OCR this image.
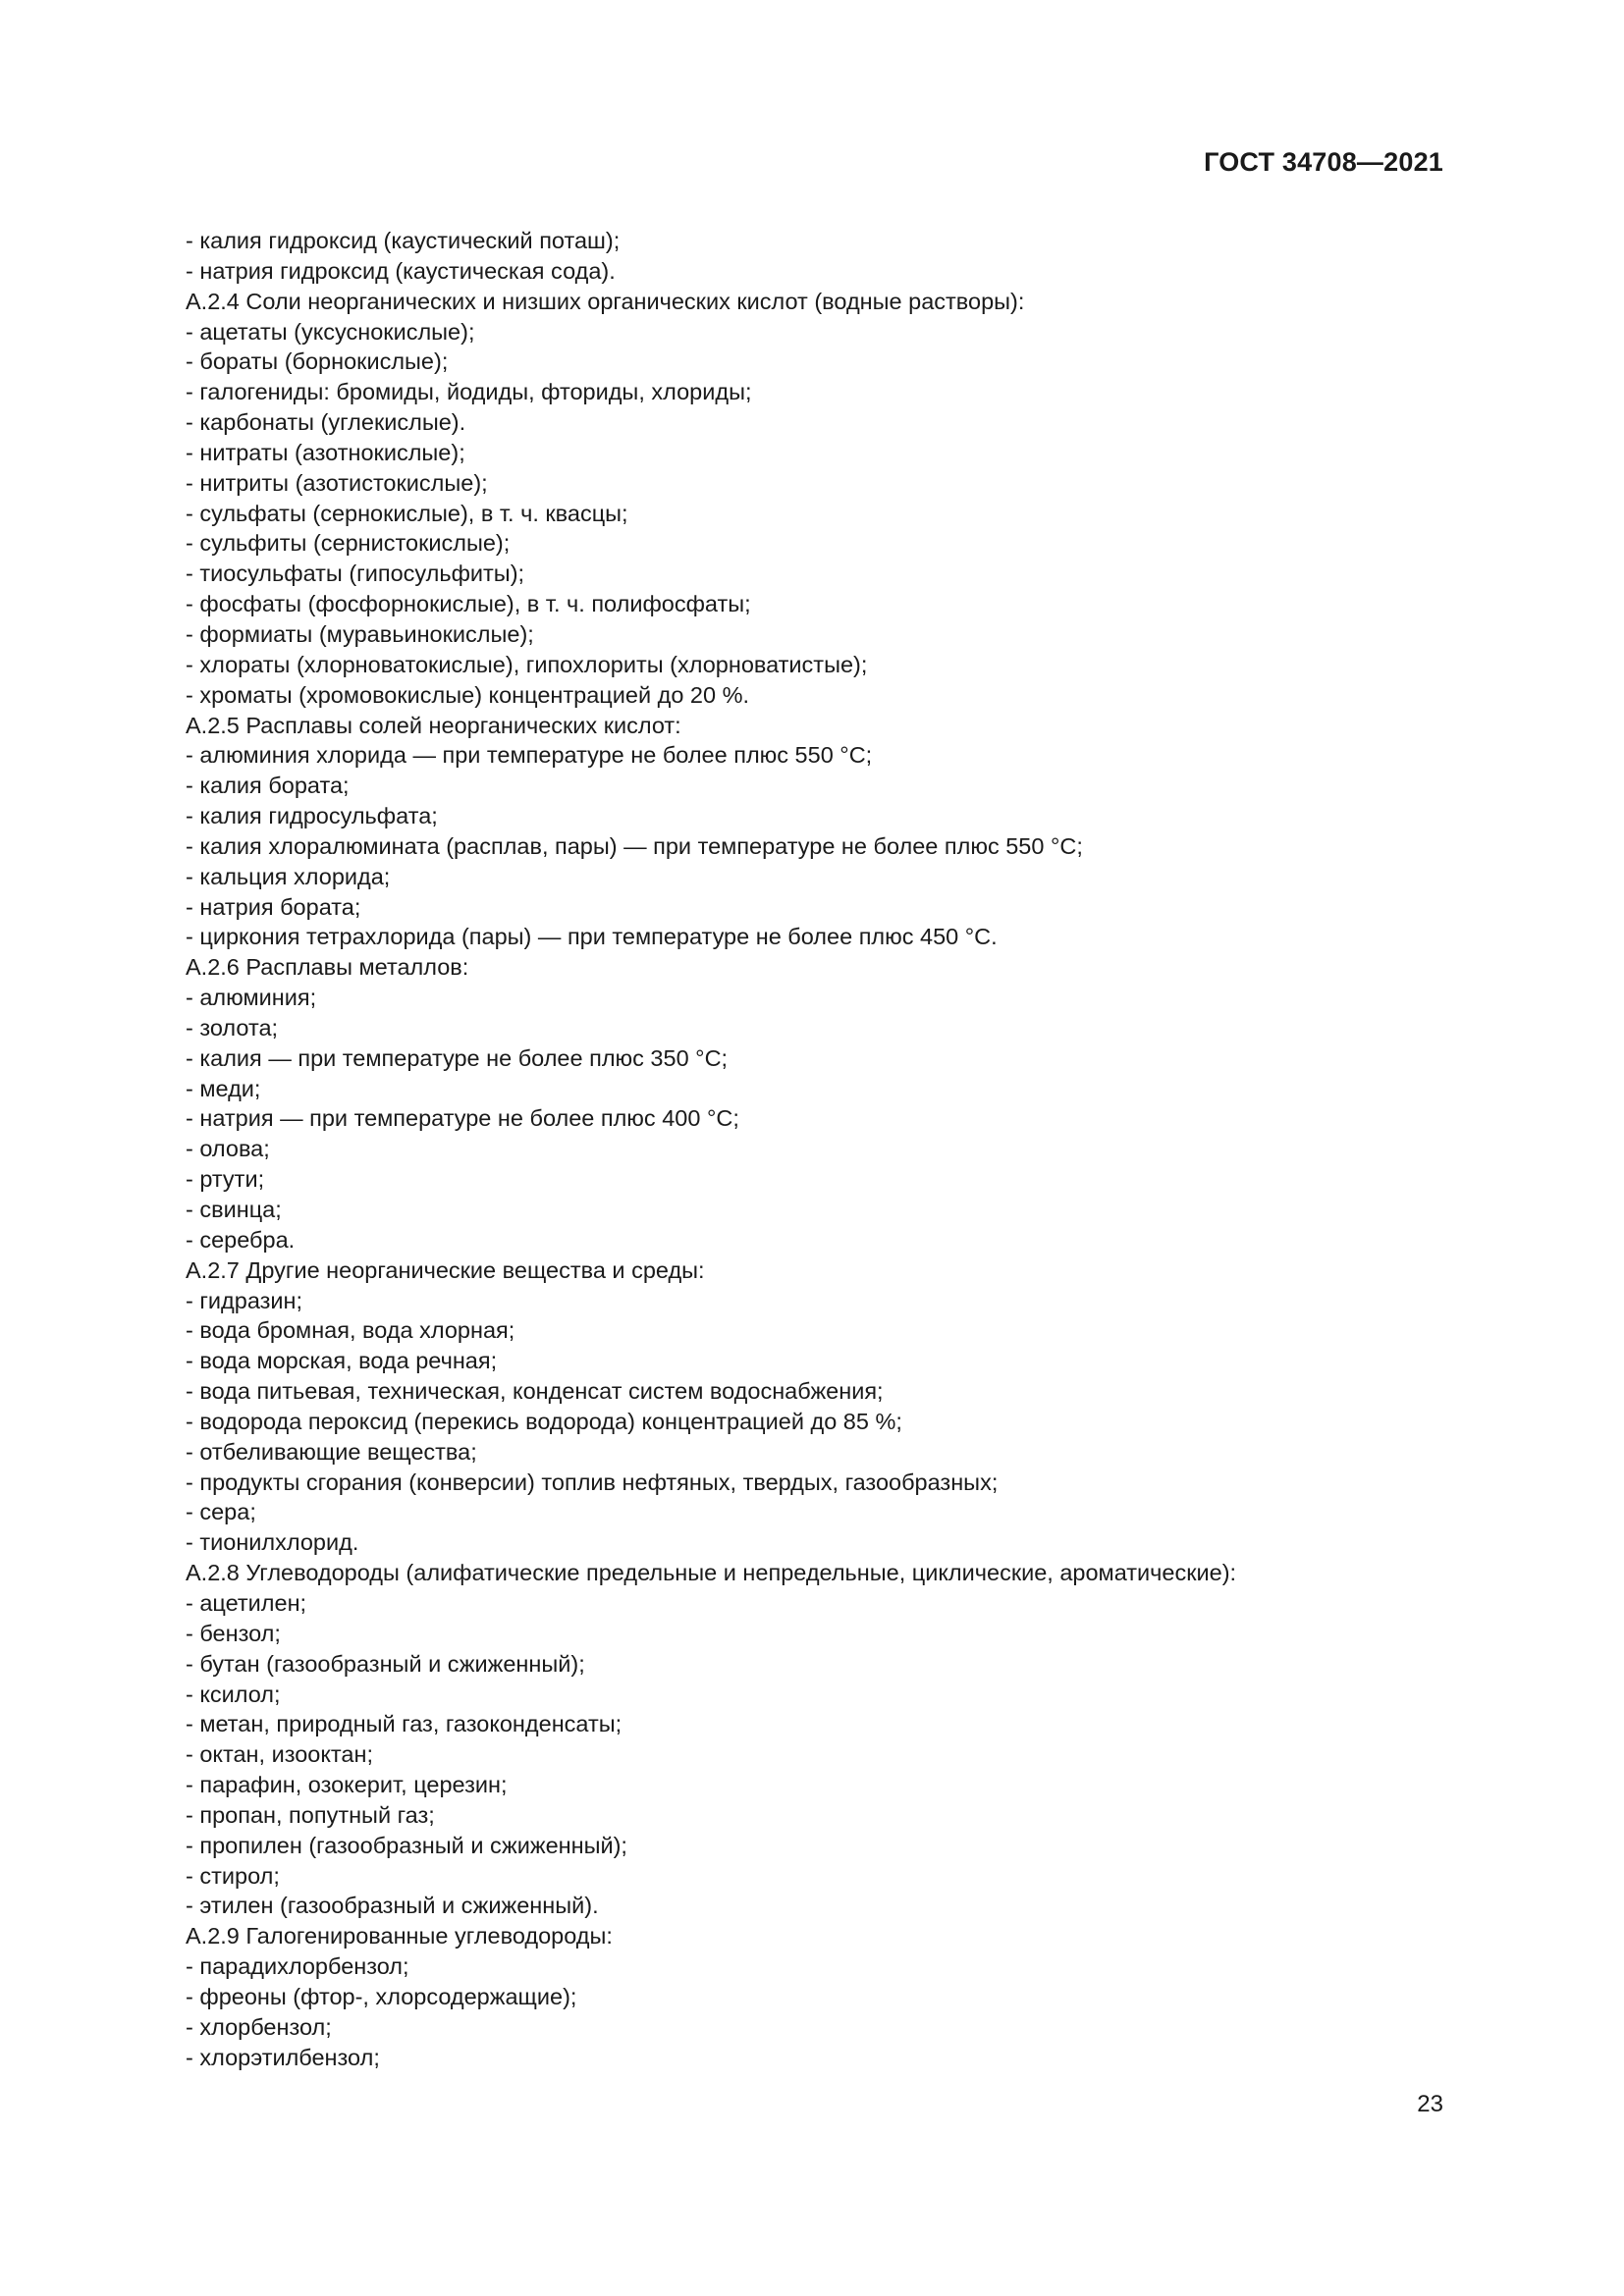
ГОСТ 34708—2021
- калия гидроксид (каустический поташ);
- натрия гидроксид (каустическая сода).
А.2.4 Соли неорганических и низших органических кислот (водные растворы):
- ацетаты (уксуснокислые);
- бораты (борнокислые);
- галогениды: бромиды, йодиды, фториды, хлориды;
- карбонаты (углекислые).
- нитраты (азотнокислые);
- нитриты (азотистокислые);
- сульфаты (сернокислые), в т. ч. квасцы;
- сульфиты (сернистокислые);
- тиосульфаты (гипосульфиты);
- фосфаты (фосфорнокислые), в т. ч. полифосфаты;
- формиаты (муравьинокислые);
- хлораты (хлорноватокислые), гипохлориты (хлорноватистые);
- хроматы (хромовокислые) концентрацией до 20 %.
А.2.5 Расплавы солей неорганических кислот:
- алюминия хлорида — при температуре не более плюс 550 °С;
- калия бората;
- калия гидросульфата;
- калия хлоралюмината (расплав, пары) — при температуре не более плюс 550 °С;
- кальция хлорида;
- натрия бората;
- циркония тетрахлорида (пары) — при температуре не более плюс 450 °С.
А.2.6 Расплавы металлов:
- алюминия;
- золота;
- калия — при температуре не более плюс 350 °С;
- меди;
- натрия — при температуре не более плюс 400 °С;
- олова;
- ртути;
- свинца;
- серебра.
А.2.7 Другие неорганические вещества и среды:
- гидразин;
- вода бромная, вода хлорная;
- вода морская, вода речная;
- вода питьевая, техническая, конденсат систем водоснабжения;
- водорода пероксид (перекись водорода) концентрацией до 85 %;
- отбеливающие вещества;
- продукты сгорания (конверсии) топлив нефтяных, твердых, газообразных;
- сера;
- тионилхлорид.
А.2.8 Углеводороды (алифатические предельные и непредельные, циклические, ароматические):
- ацетилен;
- бензол;
- бутан (газообразный и сжиженный);
- ксилол;
- метан, природный газ, газоконденсаты;
- октан, изооктан;
- парафин, озокерит, церезин;
- пропан, попутный газ;
- пропилен (газообразный и сжиженный);
- стирол;
- этилен (газообразный и сжиженный).
А.2.9 Галогенированные углеводороды:
- парадихлорбензол;
- фреоны (фтор-, хлорсодержащие);
- хлорбензол;
- хлорэтилбензол;
23
